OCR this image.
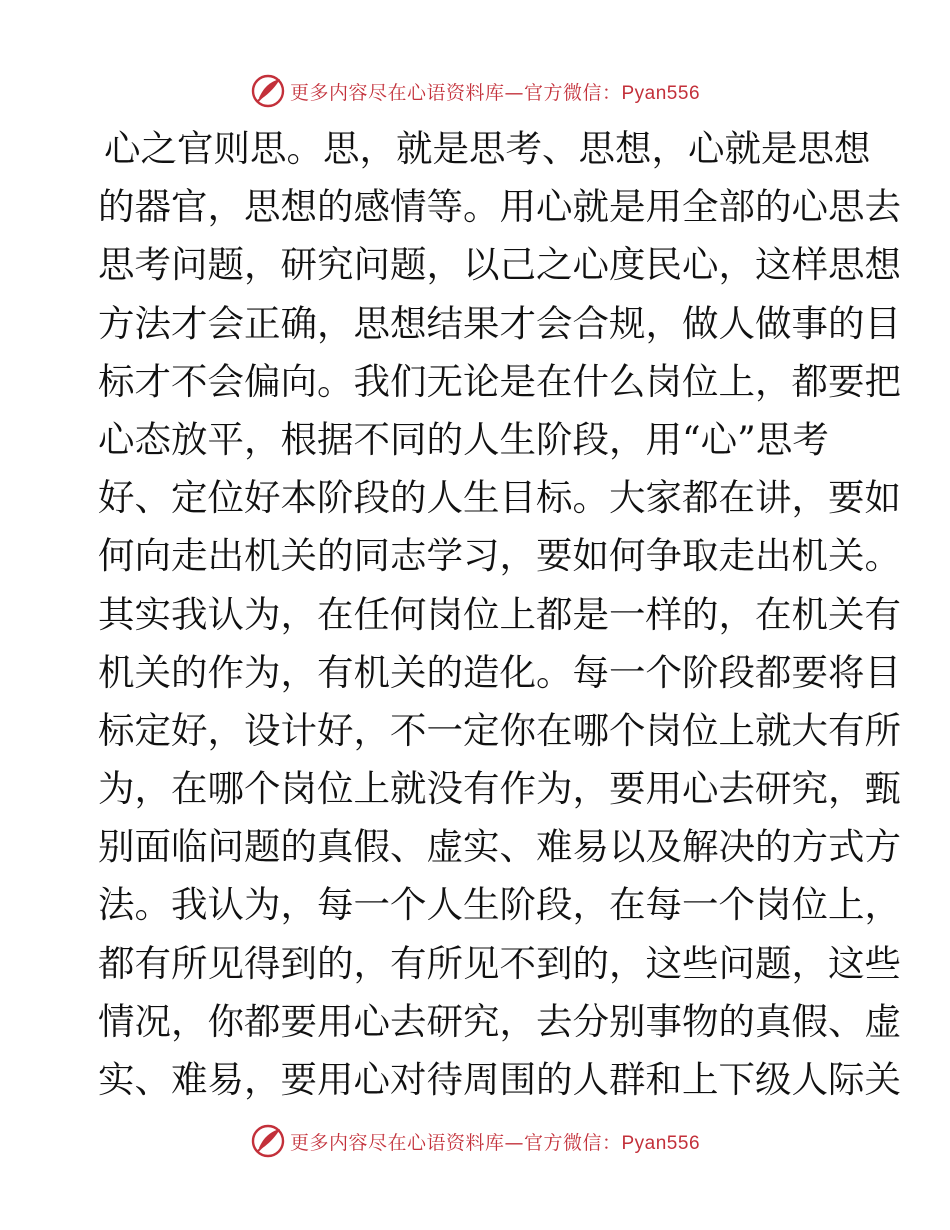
更多内容尽在心语资料库—官方微信：Pyan556
心之官则思。思，就是思考、思想，心就是思想
的器官，思想的感情等。用心就是用全部的心思去
思考问题，研究问题，以己之心度民心，这样思想
方法才会正确，思想结果才会合规，做人做事的目
标才不会偏向。我们无论是在什么岗位上，都要把
心态放平，根据不同的人生阶段，用“心”思考
好、定位好本阶段的人生目标。大家都在讲，要如
何向走出机关的同志学习，要如何争取走出机关。
其实我认为，在任何岗位上都是一样的，在机关有
机关的作为，有机关的造化。每一个阶段都要将目
标定好，设计好，不一定你在哪个岗位上就大有所
为，在哪个岗位上就没有作为，要用心去研究，甄
别面临问题的真假、虚实、难易以及解决的方式方
法。我认为，每一个人生阶段，在每一个岗位上，
都有所见得到的，有所见不到的，这些问题，这些
情况，你都要用心去研究，去分别事物的真假、虚
实、难易，要用心对待周围的人群和上下级人际关
更多内容尽在心语资料库—官方微信：Pyan556
